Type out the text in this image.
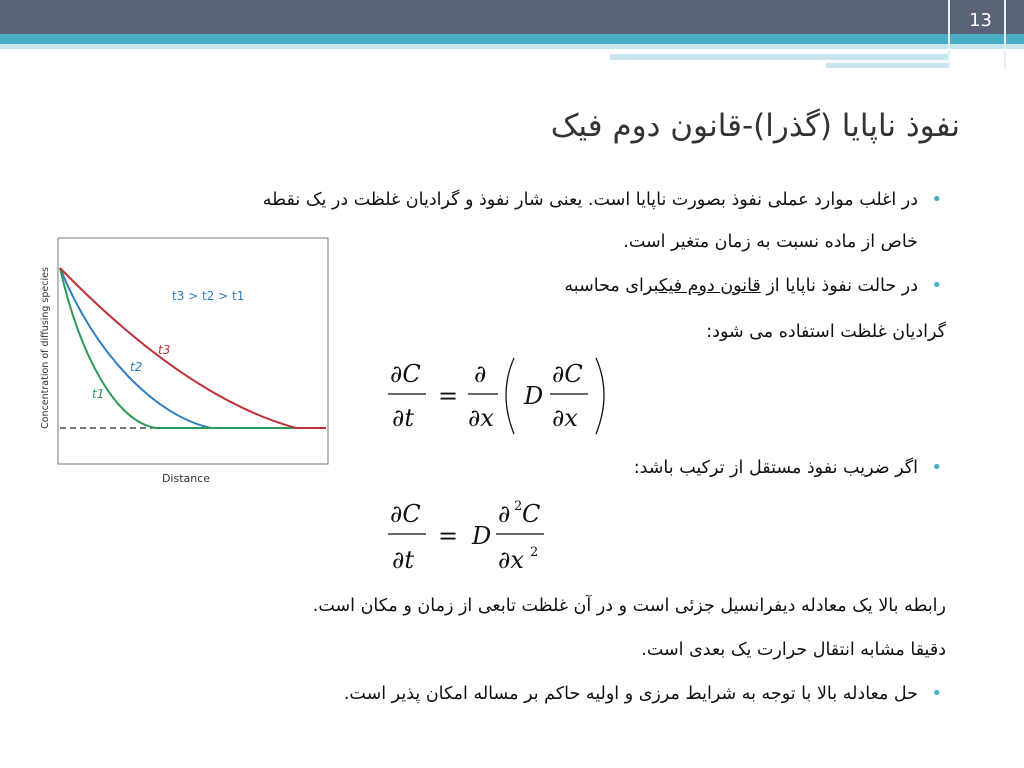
13
نفوذ ناپایا (گذرا)-قانون دوم فیک
• در اغلب موارد عملی نفوذ بصورت ناپایا است. یعنی شار نفوذ و گرادیان غلظت در یک نقطه
خاص از ماده نسبت به زمان متغیر است.
• در حالت نفوذ ناپایا از قانون دوم فیکبرای محاسبه
گرادیان غلظت استفاده می شود:
∂C
∂t
=
∂
∂x
D
∂C
∂x
• اگر ضریب نفوذ مستقل از ترکیب باشد:
∂C
∂t
= D
∂ 2 C
∂x 2
رابطه بالا یک معادله دیفرانسیل جزئی است و در آن غلظت تابعی از زمان و مکان است.
دقیقا مشابه انتقال حرارت یک بعدی است.
• حل معادله بالا با توجه به شرایط مرزی و اولیه حاکم بر مساله امکان پذیر است.
t3 > t2 > t1
t3
t2
t1
Distance
Concentration of diffusing species
